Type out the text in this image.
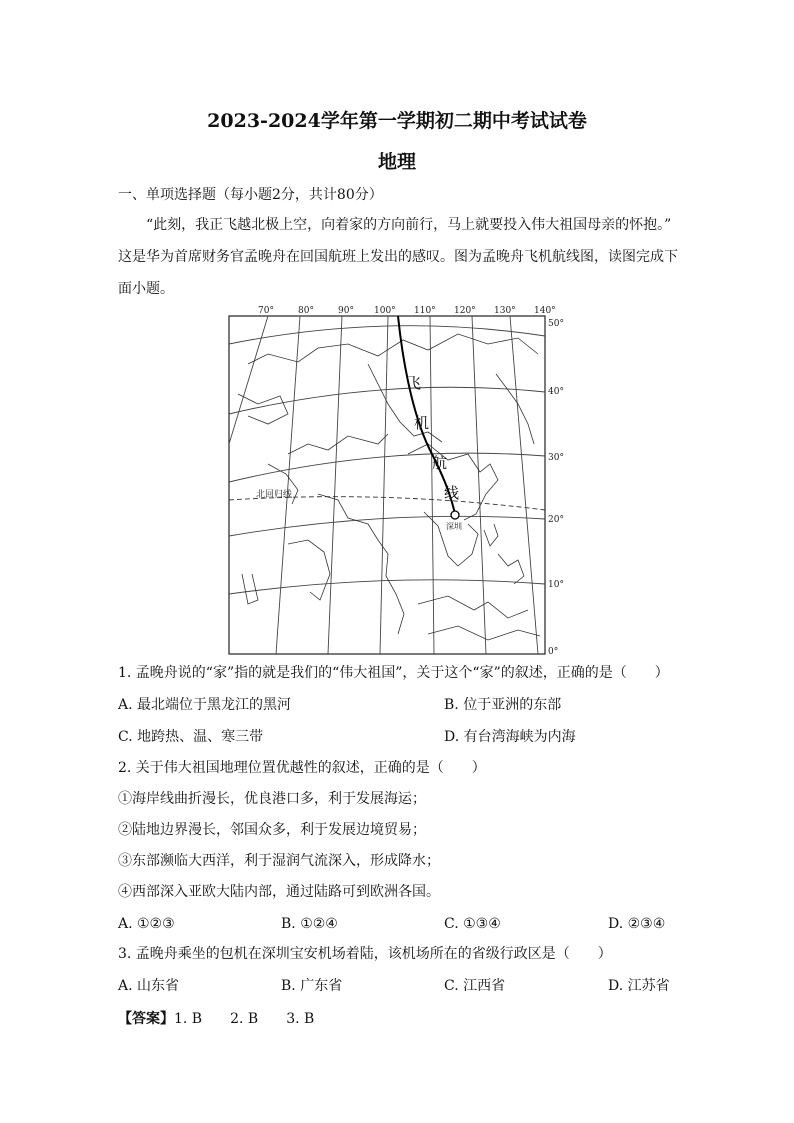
2023-2024学年第一学期初二期中考试试卷
地理
一、单项选择题（每小题2分，共计80分）
“此刻，我正飞越北极上空，向着家的方向前行，马上就要投入伟大祖国母亲的怀抱。”
这是华为首席财务官孟晚舟在回国航班上发出的感叹。图为孟晚舟飞机航线图，读图完成下
面小题。
70°	80°	90° 100° 110° 120° 130° 140°
50°
40°
30°
20°
10°
0°
飞
机
航
线
北回归线
深圳
1. 孟晚舟说的“家”指的就是我们的“伟大祖国”，关于这个“家”的叙述，正确的是（　　）
A. 最北端位于黑龙江的黑河	B. 位于亚洲的东部
C. 地跨热、温、寒三带	D. 有台湾海峡为内海
2. 关于伟大祖国地理位置优越性的叙述，正确的是（　　）
①海岸线曲折漫长，优良港口多，利于发展海运；
②陆地边界漫长，邻国众多，利于发展边境贸易；
③东部濒临大西洋，利于湿润气流深入，形成降水；
④西部深入亚欧大陆内部，通过陆路可到欧洲各国。
A. ①②③	B. ①②④	C. ①③④	D. ②③④
3. 孟晚舟乘坐的包机在深圳宝安机场着陆，该机场所在的省级行政区是（　　）
A. 山东省	B. 广东省	C. 江西省	D. 江苏省
【答案】1. B　　2. B　　3. B
